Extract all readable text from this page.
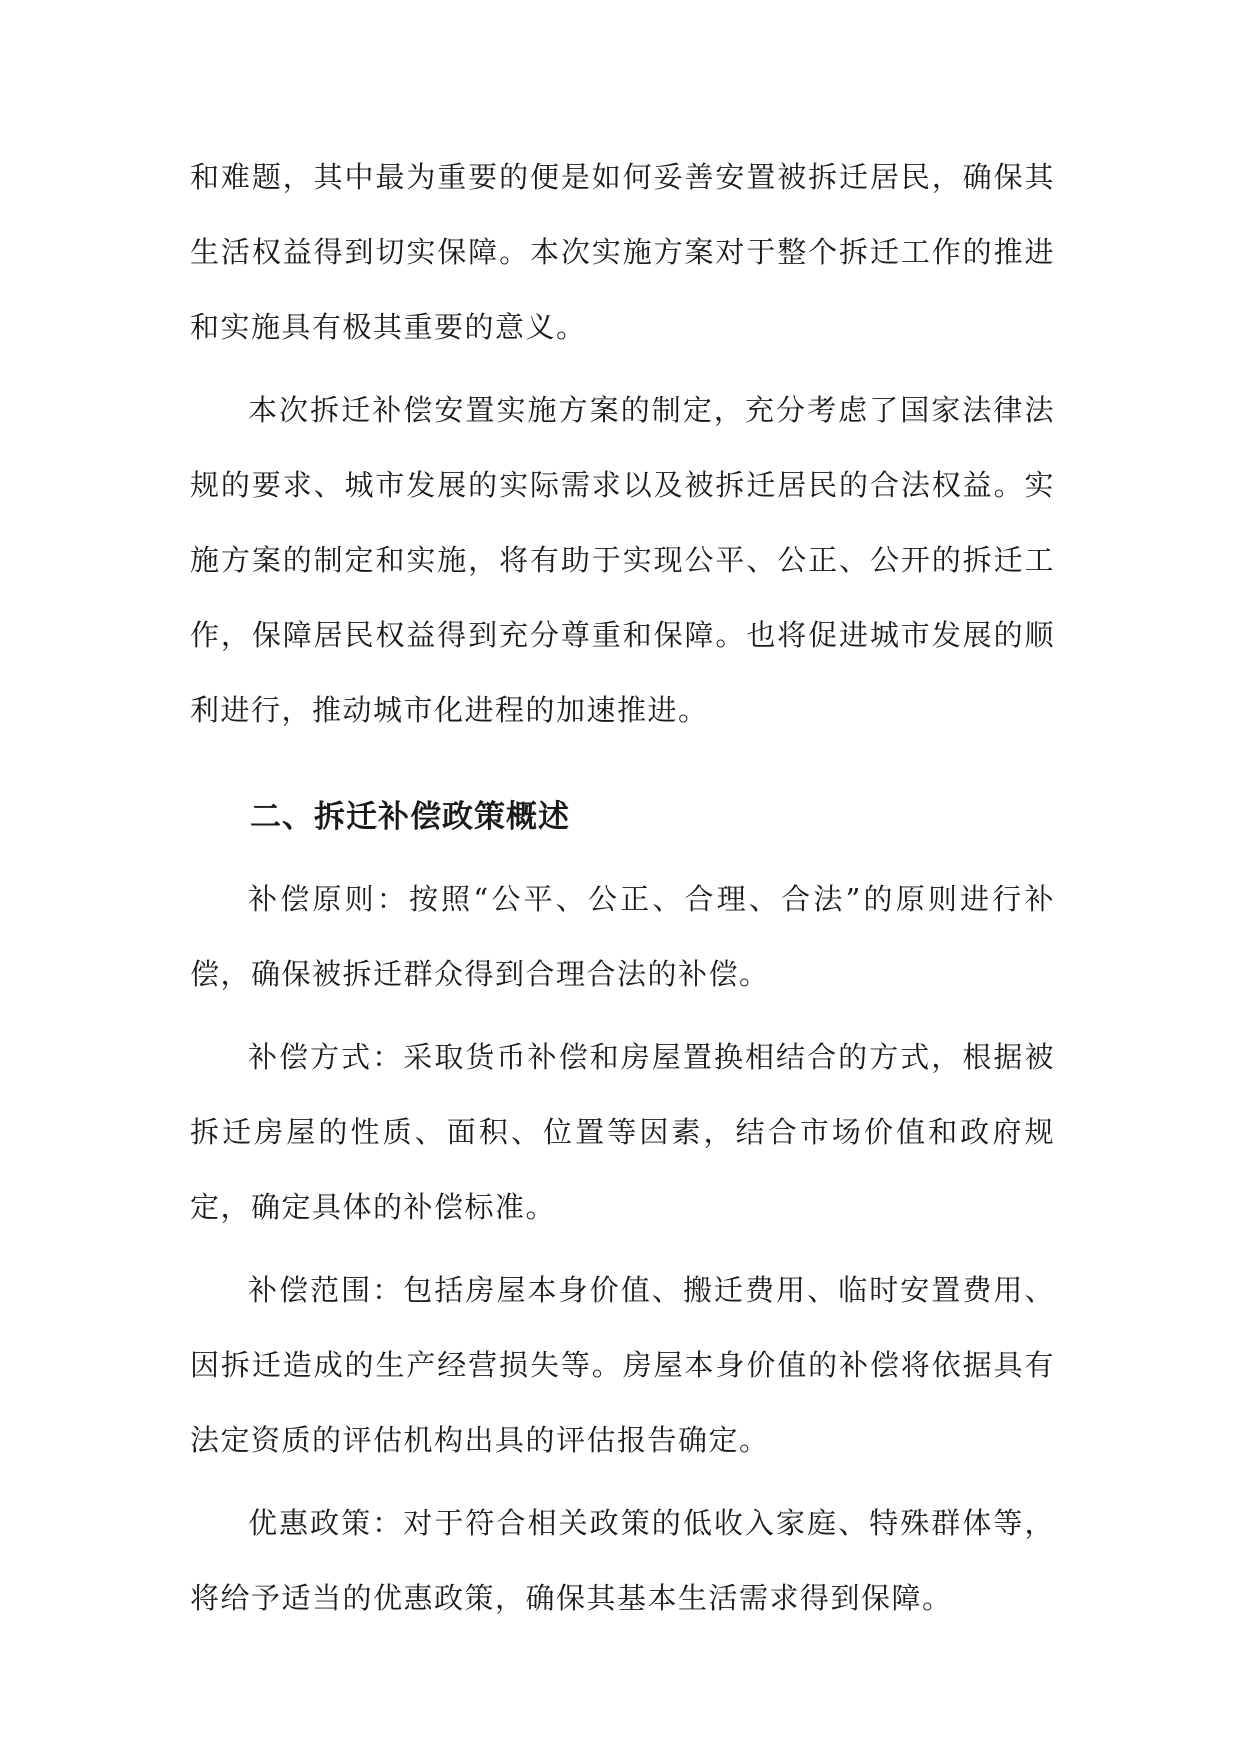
和难题，其中最为重要的便是如何妥善安置被拆迁居民，确保其生活权益得到切实保障。本次实施方案对于整个拆迁工作的推进和实施具有极其重要的意义。

本次拆迁补偿安置实施方案的制定，充分考虑了国家法律法规的要求、城市发展的实际需求以及被拆迁居民的合法权益。实施方案的制定和实施，将有助于实现公平、公正、公开的拆迁工作，保障居民权益得到充分尊重和保障。也将促进城市发展的顺利进行，推动城市化进程的加速推进。

二、拆迁补偿政策概述

补偿原则：按照“公平、公正、合理、合法”的原则进行补偿，确保被拆迁群众得到合理合法的补偿。

补偿方式：采取货币补偿和房屋置换相结合的方式，根据被拆迁房屋的性质、面积、位置等因素，结合市场价值和政府规定，确定具体的补偿标准。

补偿范围：包括房屋本身价值、搬迁费用、临时安置费用、因拆迁造成的生产经营损失等。房屋本身价值的补偿将依据具有法定资质的评估机构出具的评估报告确定。

优惠政策：对于符合相关政策的低收入家庭、特殊群体等，将给予适当的优惠政策，确保其基本生活需求得到保障。
